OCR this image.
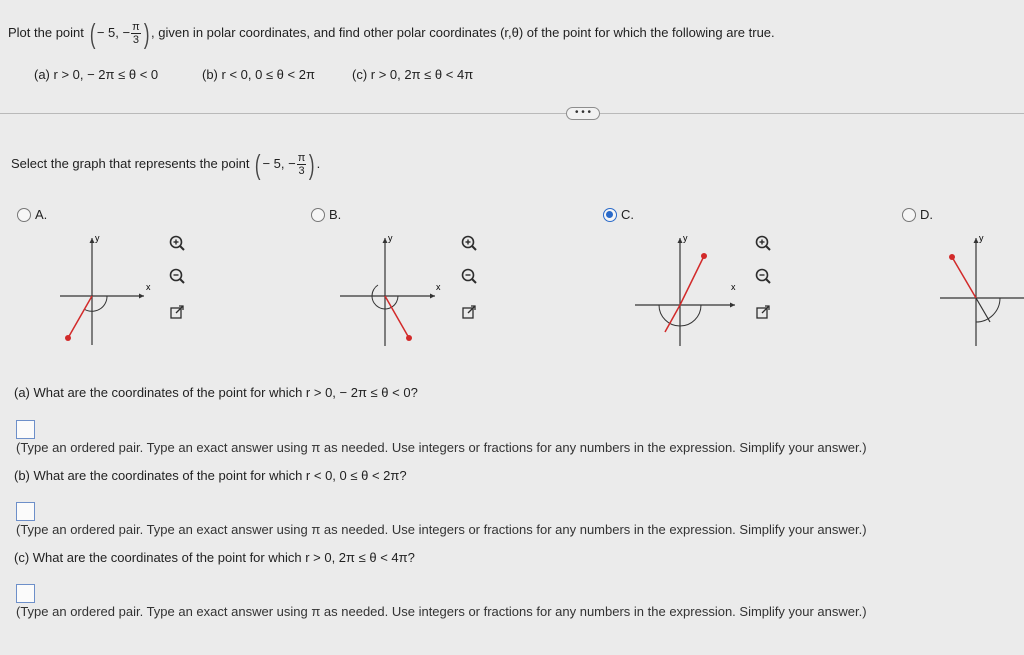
Plot the point ( − 5, − $\frac{\pi}{3}$ ) , given in polar coordinates, and find other polar coordinates (r,θ) of the point for which the following are true.
(a) r > 0, − 2π ≤ θ < 0	(b) r < 0, 0 ≤ θ < 2π	(c) r > 0, 2π ≤ θ < 4π
• • •
Select the graph that represents the point ( − 5, − $\frac{\pi}{3}$ ) .
A.	B.	C.	D.
y
x
y
x
y
x
y
(a) What are the coordinates of the point for which r > 0, − 2π ≤ θ < 0?
(Type an ordered pair. Type an exact answer using π as needed. Use integers or fractions for any numbers in the expression. Simplify your answer.)
(b) What are the coordinates of the point for which r < 0, 0 ≤ θ < 2π?
(Type an ordered pair. Type an exact answer using π as needed. Use integers or fractions for any numbers in the expression. Simplify your answer.)
(c) What are the coordinates of the point for which r > 0, 2π ≤ θ < 4π?
(Type an ordered pair. Type an exact answer using π as needed. Use integers or fractions for any numbers in the expression. Simplify your answer.)
